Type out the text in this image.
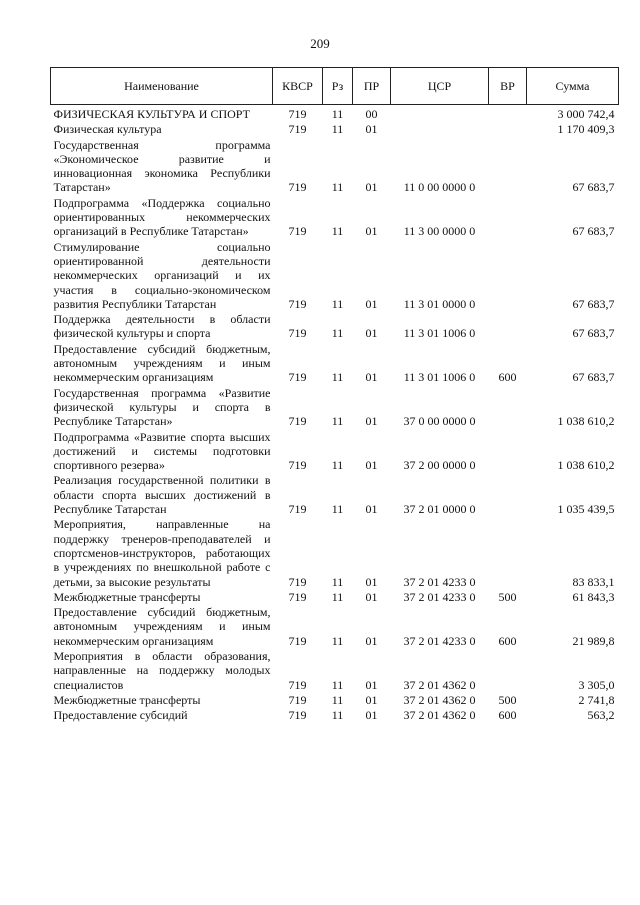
209
Наименование	КВСР	Рз	ПР	ЦСР	ВР	Сумма
ФИЗИЧЕСКАЯ КУЛЬТУРА И СПОРТ	719	11	00			3 000 742,4
Физическая культура	719	11	01			1 170 409,3
Государственная программа «Экономическое развитие и инновационная экономика Республики Татарстан»	719	11	01	11 0 00 0000 0		67 683,7
Подпрограмма «Поддержка социально ориентированных некоммерческих организаций в Республике Татарстан»	719	11	01	11 3 00 0000 0		67 683,7
Стимулирование социально ориентированной деятельности некоммерческих организаций и их участия в социально-экономическом развития Республики Татарстан	719	11	01	11 3 01 0000 0		67 683,7
Поддержка деятельности в области физической культуры и спорта	719	11	01	11 3 01 1006 0		67 683,7
Предоставление субсидий бюджетным, автономным учреждениям и иным некоммерческим организациям	719	11	01	11 3 01 1006 0	600	67 683,7
Государственная программа «Развитие физической культуры и спорта в Республике Татарстан»	719	11	01	37 0 00 0000 0		1 038 610,2
Подпрограмма «Развитие спорта высших достижений и системы подготовки спортивного резерва»	719	11	01	37 2 00 0000 0		1 038 610,2
Реализация государственной политики в области спорта высших достижений в Республике Татарстан	719	11	01	37 2 01 0000 0		1 035 439,5
Мероприятия, направленные на поддержку тренеров-преподавателей и спортсменов-инструкторов, работающих в учреждениях по внешкольной работе с детьми, за высокие результаты	719	11	01	37 2 01 4233 0		83 833,1
Межбюджетные трансферты	719	11	01	37 2 01 4233 0	500	61 843,3
Предоставление субсидий бюджетным, автономным учреждениям и иным некоммерческим организациям	719	11	01	37 2 01 4233 0	600	21 989,8
Мероприятия в области образования, направленные на поддержку молодых специалистов	719	11	01	37 2 01 4362 0		3 305,0
Межбюджетные трансферты	719	11	01	37 2 01 4362 0	500	2 741,8
Предоставление субсидий	719	11	01	37 2 01 4362 0	600	563,2
